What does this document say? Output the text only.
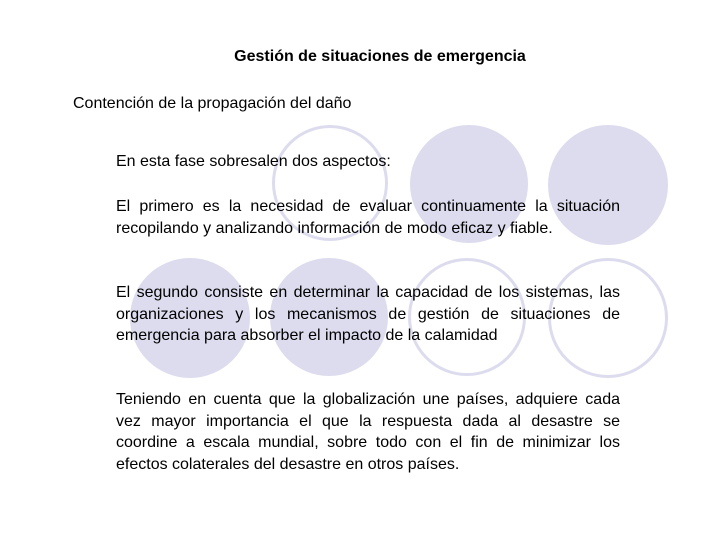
Gestión de situaciones de emergencia
Contención de la propagación del daño
En esta fase sobresalen dos aspectos:
El primero es la necesidad de evaluar continuamente la situación recopilando y analizando información de modo eficaz y fiable.
El segundo consiste en determinar la capacidad de los sistemas, las organizaciones y los mecanismos de gestión de situaciones de emergencia para absorber el impacto de la calamidad
Teniendo en cuenta que la globalización une países, adquiere cada vez mayor importancia el que la respuesta dada al desastre se coordine a escala mundial, sobre todo con el fin de minimizar los efectos colaterales del desastre en otros países.
